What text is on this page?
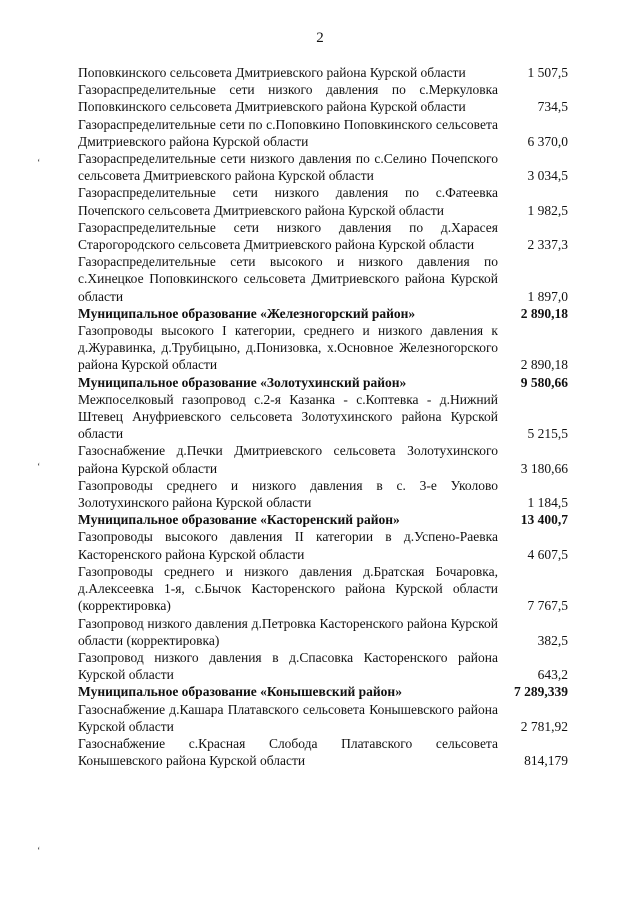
2
ʻ
ʻ
ʻ
Поповкинского сельсовета Дмитриевского района Курской области	1 507,5
Газораспределительные сети низкого давления по с.Меркуловка Поповкинского сельсовета Дмитриевского района Курской области	734,5
Газораспределительные сети по с.Поповкино Поповкинского сельсовета Дмитриевского района Курской области	6 370,0
Газораспределительные сети низкого давления по с.Селино Почепского сельсовета Дмитриевского района Курской области	3 034,5
Газораспределительные сети низкого давления по с.Фатеевка Почепского сельсовета Дмитриевского района Курской области	1 982,5
Газораспределительные сети низкого давления по д.Харасея Старогородского сельсовета Дмитриевского района Курской области	2 337,3
Газораспределительные сети высокого и низкого давления по с.Хинецкое Поповкинского сельсовета Дмитриевского района Курской области	1 897,0
Муниципальное образование «Железногорский район»	2 890,18
Газопроводы высокого I категории, среднего и низкого давления к д.Журавинка, д.Трубицыно, д.Понизовка, х.Основное Железногорского района Курской области	2 890,18
Муниципальное образование «Золотухинский район»	9 580,66
Межпоселковый газопровод с.2-я Казанка - с.Коптевка - д.Нижний Штевец Ануфриевского сельсовета Золотухинского района Курской области	5 215,5
Газоснабжение д.Печки Дмитриевского сельсовета Золотухинского района Курской области	3 180,66
Газопроводы среднего и низкого давления в с. 3-е Уколово Золотухинского района Курской области	1 184,5
Муниципальное образование «Касторенский район»	13 400,7
Газопроводы высокого давления II категории в д.Успено-Раевка Касторенского района Курской области	4 607,5
Газопроводы среднего и низкого давления д.Братская Бочаровка, д.Алексеевка 1-я, с.Бычок Касторенского района Курской области (корректировка)	7 767,5
Газопровод низкого давления д.Петровка Касторенского района Курской области (корректировка)	382,5
Газопровод низкого давления в д.Спасовка Касторенского района Курской области	643,2
Муниципальное образование «Конышевский район»	7 289,339
Газоснабжение д.Кашара Платавского сельсовета Конышевского района Курской области	2 781,92
Газоснабжение с.Красная Слобода Платавского сельсовета Конышевского района Курской области	814,179
